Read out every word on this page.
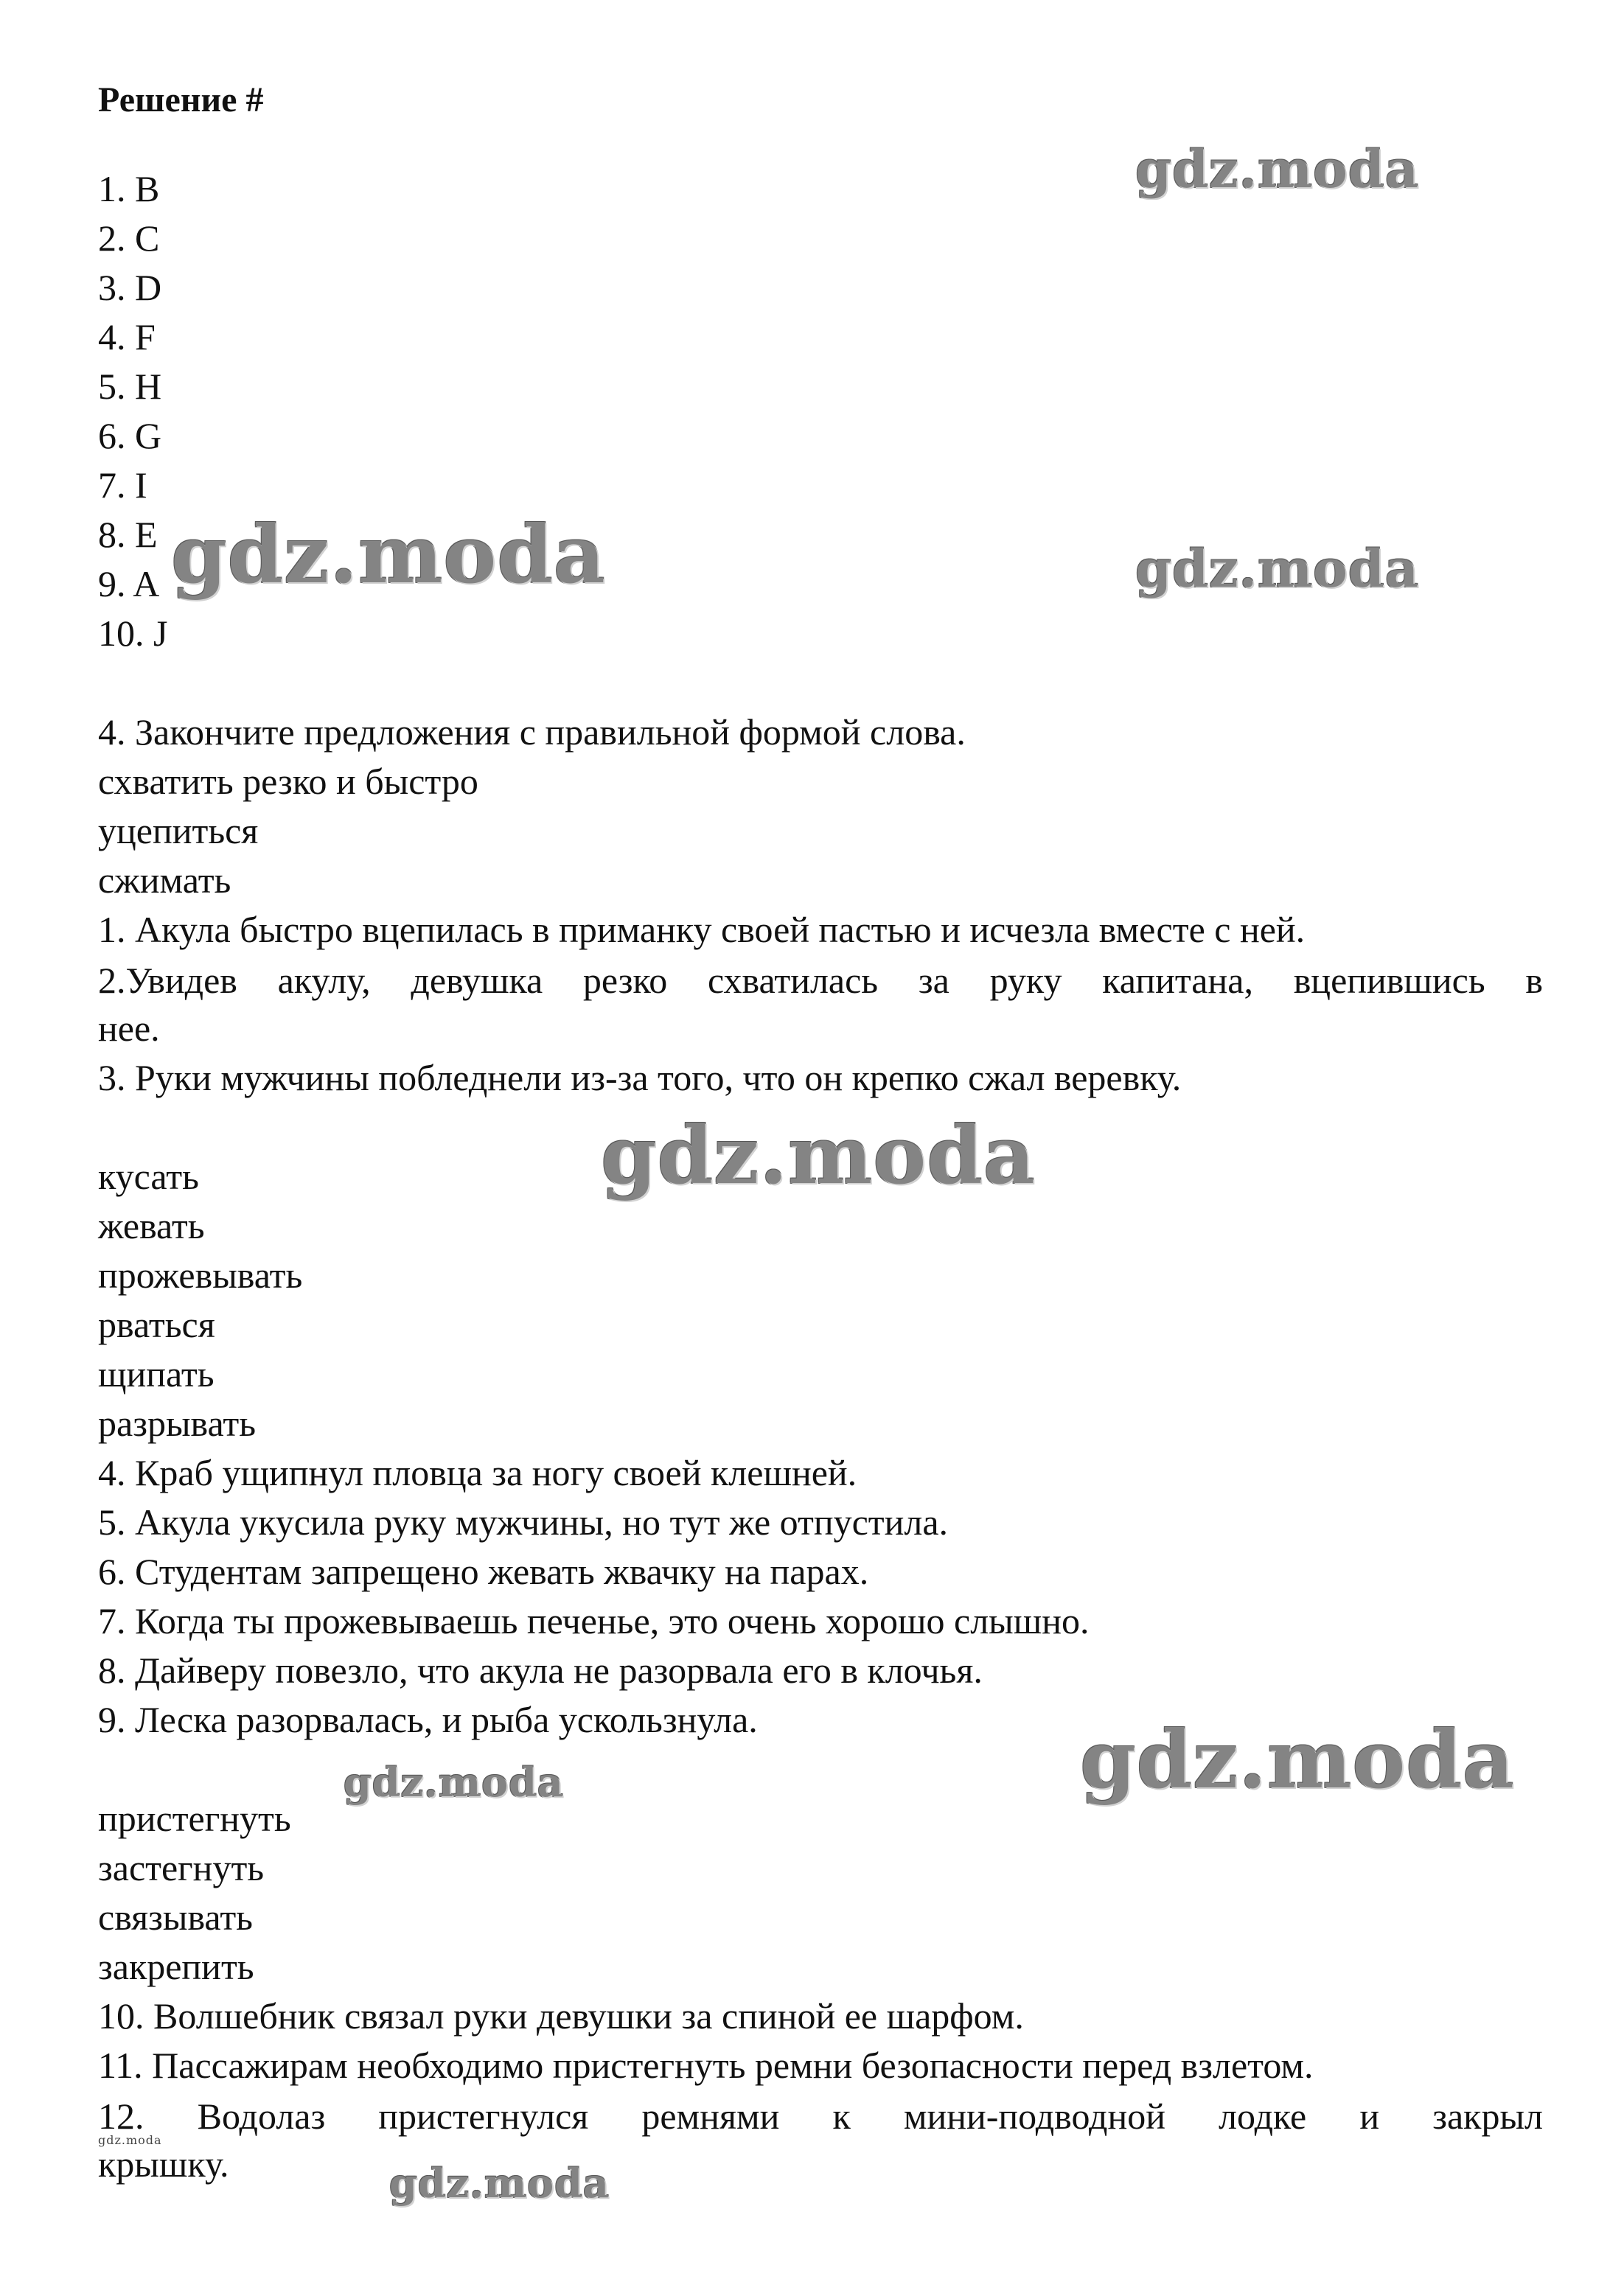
Решение #
1. B
2. C
3. D
4. F
5. H
6. G
7. I
8. E
9. A
10. J
4. Закончите предложения с правильной формой слова.
схватить резко и быстро
уцепиться
сжимать
1. Акула быстро вцепилась в приманку своей пастью и исчезла вместе с ней.
2.Увидев акулу, девушка резко схватилась за руку капитана, вцепившись в
нее.
3. Руки мужчины побледнели из-за того, что он крепко сжал веревку.
кусать
жевать
прожевывать
рваться
щипать
разрывать
4. Краб ущипнул пловца за ногу своей клешней.
5. Акула укусила руку мужчины, но тут же отпустила.
6. Студентам запрещено жевать жвачку на парах.
7. Когда ты прожевываешь печенье, это очень хорошо слышно.
8. Дайверу повезло, что акула не разорвала его в клочья.
9. Леска разорвалась, и рыба ускользнула.
пристегнуть
застегнуть
связывать
закрепить
10. Волшебник связал руки девушки за спиной ее шарфом.
11. Пассажирам необходимо пристегнуть ремни безопасности перед взлетом.
12. Водолаз пристегнулся ремнями к мини-подводной лодке и закрыл
крышку.
gdz.moda
gdz.moda	gdz.moda
gdz.moda
gdz.moda
gdz.moda
gdz.moda
gdz.moda
